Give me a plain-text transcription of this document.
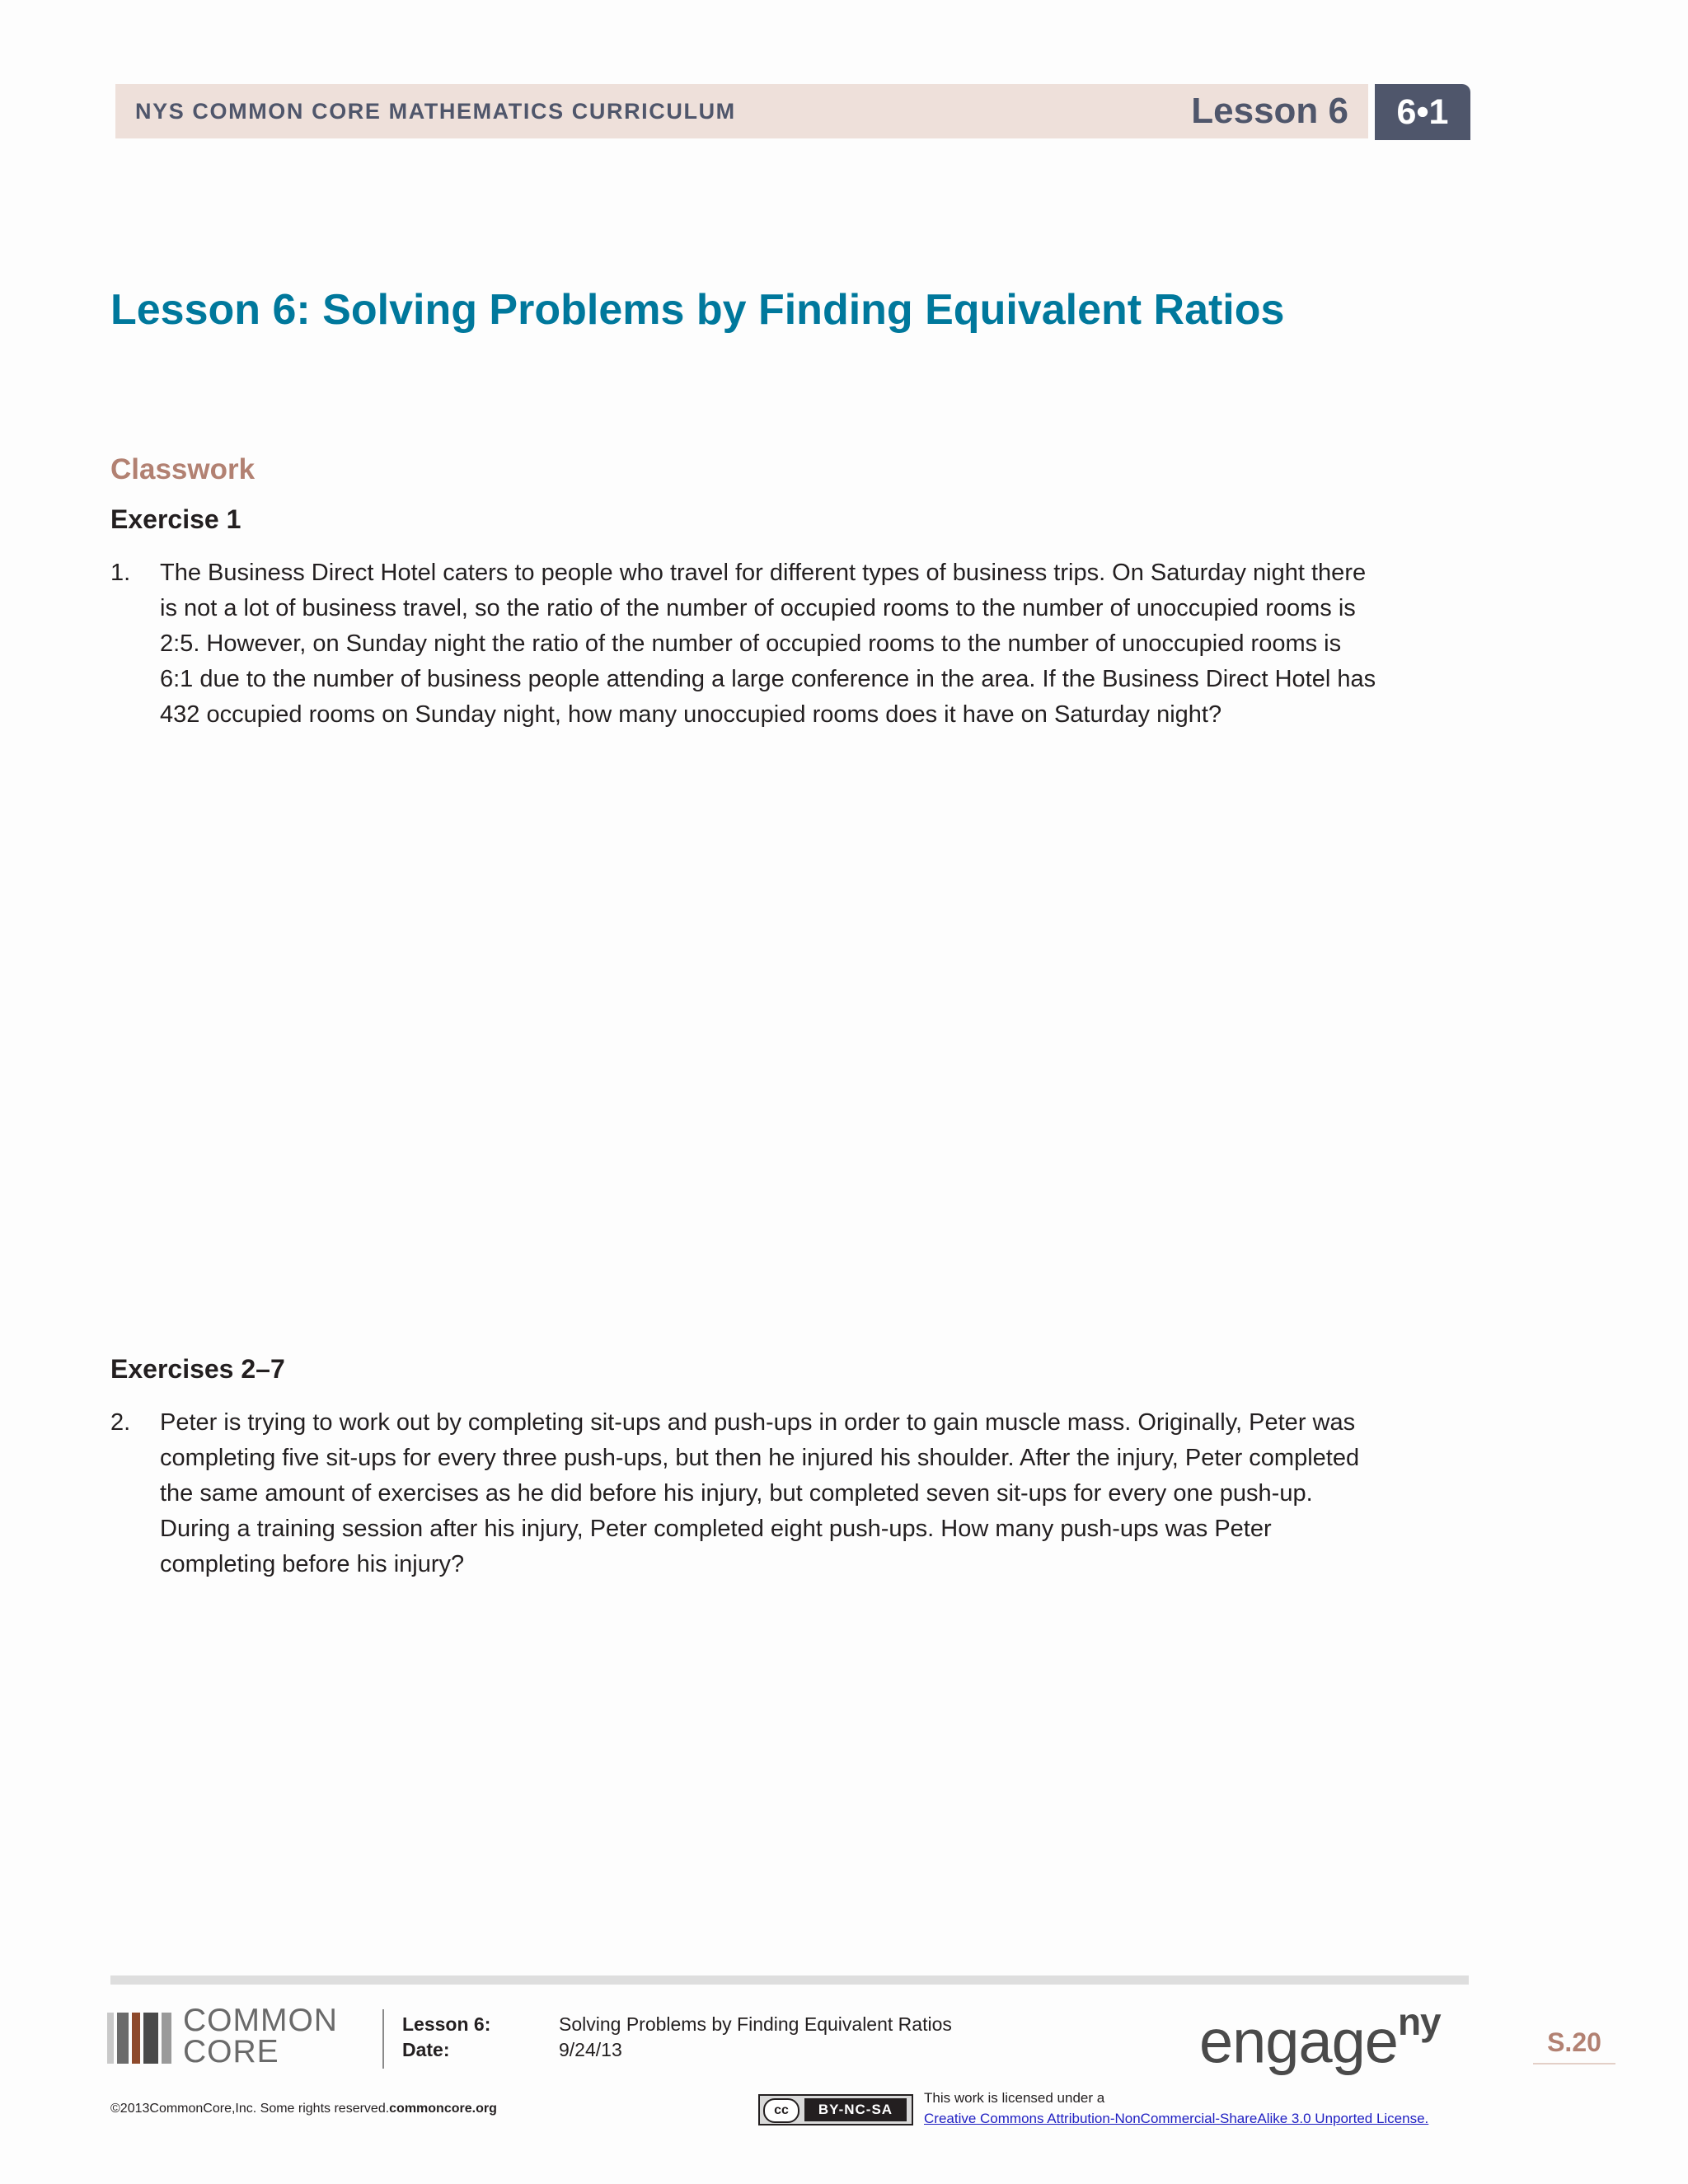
NYS COMMON CORE MATHEMATICS CURRICULUM	Lesson 6	6•1
Lesson 6: Solving Problems by Finding Equivalent Ratios
Classwork
Exercise 1
1. The Business Direct Hotel caters to people who travel for different types of business trips. On Saturday night there
is not a lot of business travel, so the ratio of the number of occupied rooms to the number of unoccupied rooms is
2:5. However, on Sunday night the ratio of the number of occupied rooms to the number of unoccupied rooms is
6:1 due to the number of business people attending a large conference in the area. If the Business Direct Hotel has
432 occupied rooms on Sunday night, how many unoccupied rooms does it have on Saturday night?
Exercises 2–7
2. Peter is trying to work out by completing sit-ups and push-ups in order to gain muscle mass. Originally, Peter was
completing five sit-ups for every three push-ups, but then he injured his shoulder. After the injury, Peter completed
the same amount of exercises as he did before his injury, but completed seven sit-ups for every one push-up.
During a training session after his injury, Peter completed eight push-ups. How many push-ups was Peter
completing before his injury?
COMMON
CORE
Lesson 6:	Solving Problems by Finding Equivalent Ratios
Date:	9/24/13	engage$^{ny}$	S.20
©2013CommonCore,Inc. Some rights reserved.commoncore.org	cc	BY-NC-SA
This work is licensed under a
Creative Commons Attribution-NonCommercial-ShareAlike 3.0 Unported License.
